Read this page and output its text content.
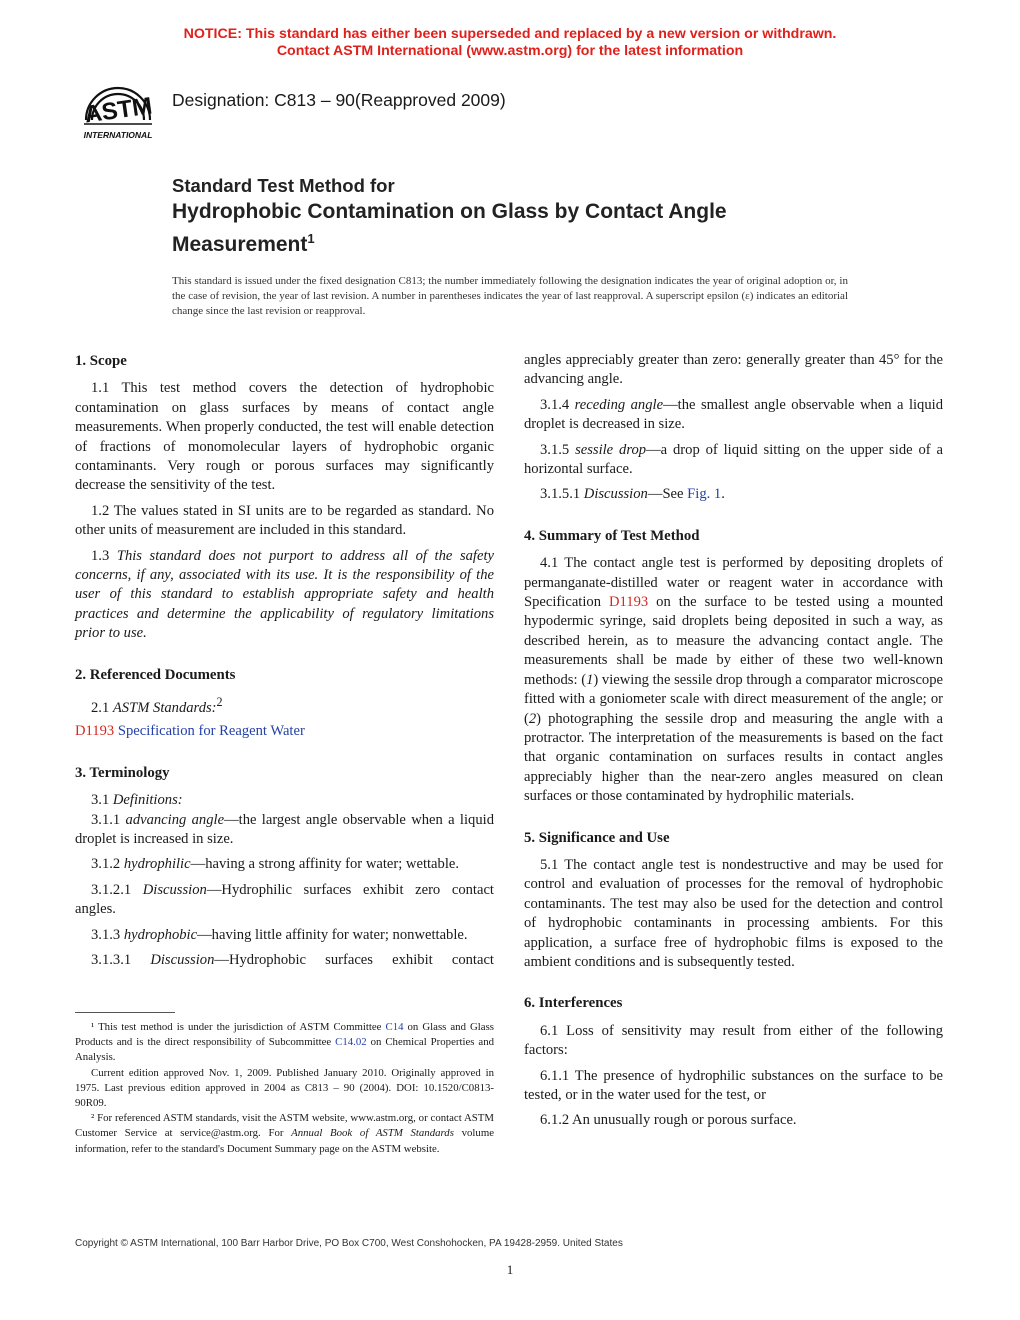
NOTICE: This standard has either been superseded and replaced by a new version or withdrawn.
Contact ASTM International (www.astm.org) for the latest information
ASTM
INTERNATIONAL
Designation: C813 – 90(Reapproved 2009)
Standard Test Method for
Hydrophobic Contamination on Glass by Contact Angle
Measurement$^1$
This standard is issued under the fixed designation C813; the number immediately following the designation indicates the year of original adoption or, in the case of revision, the year of last revision. A number in parentheses indicates the year of last reapproval. A superscript epsilon (ε) indicates an editorial change since the last revision or reapproval.
1. Scope

1.1 This test method covers the detection of hydrophobic contamination on glass surfaces by means of contact angle measurements. When properly conducted, the test will enable detection of fractions of monomolecular layers of hydrophobic organic contaminants. Very rough or porous surfaces may significantly decrease the sensitivity of the test.

1.2 The values stated in SI units are to be regarded as standard. No other units of measurement are included in this standard.

1.3 This standard does not purport to address all of the safety concerns, if any, associated with its use. It is the responsibility of the user of this standard to establish appropriate safety and health practices and determine the applicability of regulatory limitations prior to use.

2. Referenced Documents

2.1 ASTM Standards:$^2$

D1193 Specification for Reagent Water

3. Terminology

3.1 Definitions:

3.1.1 advancing angle—the largest angle observable when a liquid droplet is increased in size.

3.1.2 hydrophilic—having a strong affinity for water; wettable.

3.1.2.1 Discussion—Hydrophilic surfaces exhibit zero contact angles.

3.1.3 hydrophobic—having little affinity for water; nonwettable.

3.1.3.1 Discussion—Hydrophobic surfaces exhibit contact

¹ This test method is under the jurisdiction of ASTM Committee C14 on Glass and Glass Products and is the direct responsibility of Subcommittee C14.02 on Chemical Properties and Analysis.

Current edition approved Nov. 1, 2009. Published January 2010. Originally approved in 1975. Last previous edition approved in 2004 as C813 – 90 (2004). DOI: 10.1520/C0813-90R09.

² For referenced ASTM standards, visit the ASTM website, www.astm.org, or contact ASTM Customer Service at service@astm.org. For Annual Book of ASTM Standards volume information, refer to the standard's Document Summary page on the ASTM website.

angles appreciably greater than zero: generally greater than 45° for the advancing angle.

3.1.4 receding angle—the smallest angle observable when a liquid droplet is decreased in size.

3.1.5 sessile drop—a drop of liquid sitting on the upper side of a horizontal surface.

3.1.5.1 Discussion—See Fig. 1.

4. Summary of Test Method

4.1 The contact angle test is performed by depositing droplets of permanganate-distilled water or reagent water in accordance with Specification D1193 on the surface to be tested using a mounted hypodermic syringe, said droplets being deposited in such a way, as described herein, as to measure the advancing contact angle. The measurements shall be made by either of these two well-known methods: (1) viewing the sessile drop through a comparator microscope fitted with a goniometer scale with direct measurement of the angle; or (2) photographing the sessile drop and measuring the angle with a protractor. The interpretation of the measurements is based on the fact that organic contamination on surfaces results in contact angles appreciably higher than the near-zero angles measured on clean surfaces or those contaminated by hydrophilic materials.

5. Significance and Use

5.1 The contact angle test is nondestructive and may be used for control and evaluation of processes for the removal of hydrophobic contaminants. The test may also be used for the detection and control of hydrophobic contaminants in processing ambients. For this application, a surface free of hydrophobic films is exposed to the ambient conditions and is subsequently tested.

6. Interferences

6.1 Loss of sensitivity may result from either of the following factors:

6.1.1 The presence of hydrophilic substances on the surface to be tested, or in the water used for the test, or

6.1.2 An unusually rough or porous surface.

Copyright © ASTM International, 100 Barr Harbor Drive, PO Box C700, West Conshohocken, PA 19428-2959. United States
1
